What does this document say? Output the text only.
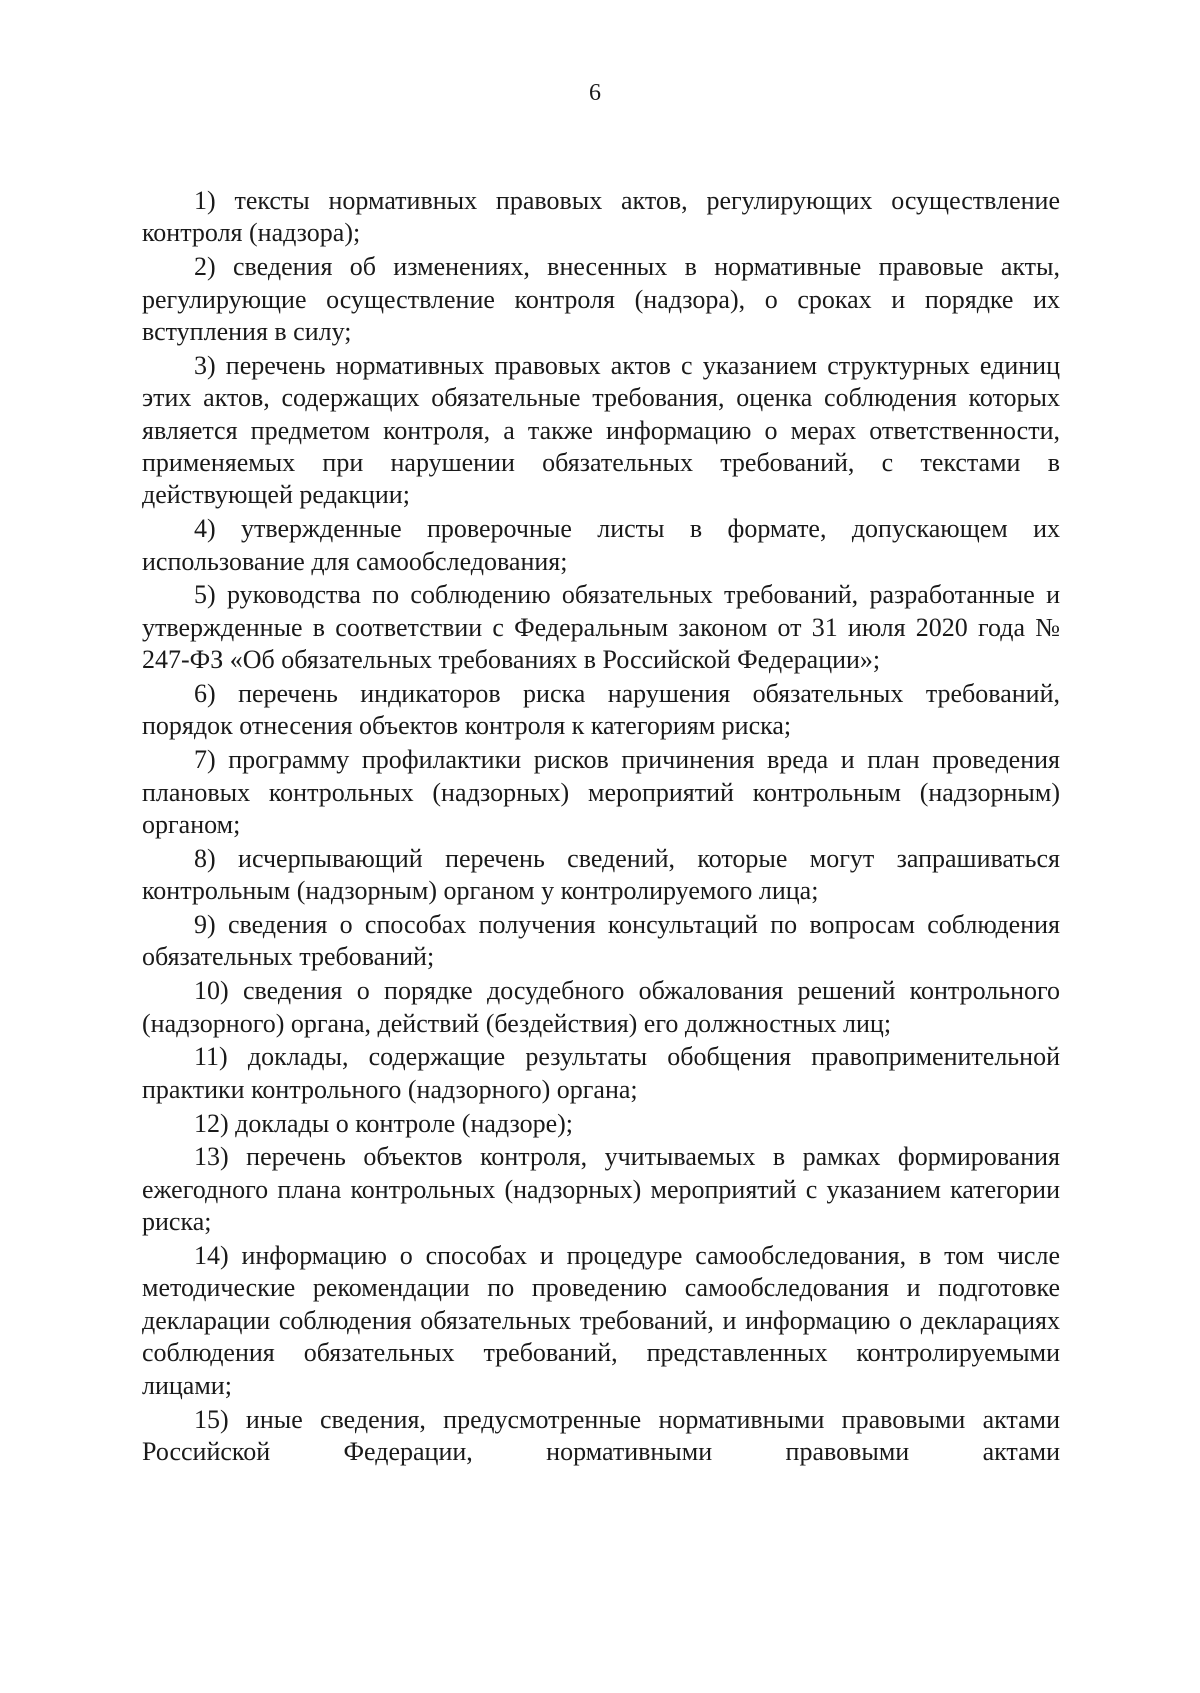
6

1) тексты нормативных правовых актов, регулирующих осуществление контроля (надзора);

2) сведения об изменениях, внесенных в нормативные правовые акты, регулирующие осуществление контроля (надзора), о сроках и порядке их вступления в силу;

3) перечень нормативных правовых актов с указанием структурных единиц этих актов, содержащих обязательные требования, оценка соблюдения которых является предметом контроля, а также информацию о мерах ответственности, применяемых при нарушении обязательных требований, с текстами в действующей редакции;

4) утвержденные проверочные листы в формате, допускающем их использование для самообследования;

5) руководства по соблюдению обязательных требований, разработанные и утвержденные в соответствии с Федеральным законом от 31 июля 2020 года № 247-ФЗ «Об обязательных требованиях в Российской Федерации»;

6) перечень индикаторов риска нарушения обязательных требований, порядок отнесения объектов контроля к категориям риска;

7) программу профилактики рисков причинения вреда и план проведения плановых контрольных (надзорных) мероприятий контрольным (надзорным) органом;

8) исчерпывающий перечень сведений, которые могут запрашиваться контрольным (надзорным) органом у контролируемого лица;

9) сведения о способах получения консультаций по вопросам соблюдения обязательных требований;

10) сведения о порядке досудебного обжалования решений контрольного (надзорного) органа, действий (бездействия) его должностных лиц;

11) доклады, содержащие результаты обобщения правоприменительной практики контрольного (надзорного) органа;

12) доклады о контроле (надзоре);

13) перечень объектов контроля, учитываемых в рамках формирования ежегодного плана контрольных (надзорных) мероприятий с указанием категории риска;

14) информацию о способах и процедуре самообследования, в том числе методические рекомендации по проведению самообследования и подготовке декларации соблюдения обязательных требований, и информацию о декларациях соблюдения обязательных требований, представленных контролируемыми лицами;

15) иные сведения, предусмотренные нормативными правовыми актами Российской Федерации, нормативными правовыми актами
